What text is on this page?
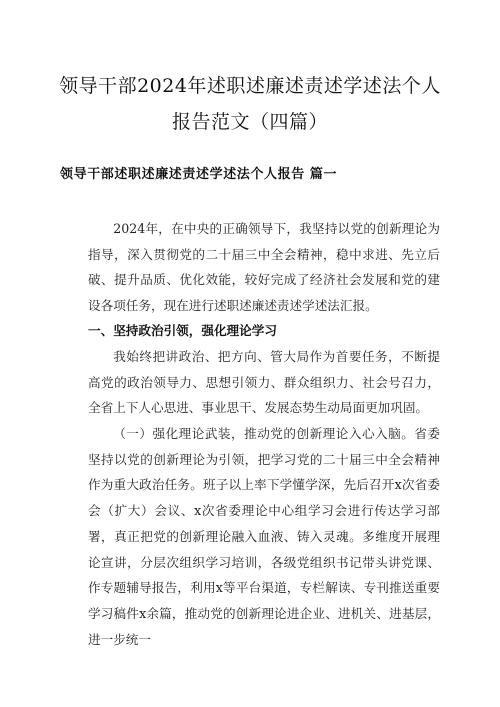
领导干部2024年述职述廉述责述学述法个人
报告范文（四篇）
领导干部述职述廉述责述学述法个人报告 篇一

2024年，在中央的正确领导下，我坚持以党的创新理论为指导，深入贯彻党的二十届三中全会精神，稳中求进、先立后破、提升品质、优化效能，较好完成了经济社会发展和党的建设各项任务，现在进行述职述廉述责述学述法汇报。

一、坚持政治引领，强化理论学习

我始终把讲政治、把方向、管大局作为首要任务，不断提高党的政治领导力、思想引领力、群众组织力、社会号召力，全省上下人心思进、事业思干、发展态势生动局面更加巩固。

（一）强化理论武装，推动党的创新理论入心入脑。省委坚持以党的创新理论为引领，把学习党的二十届三中全会精神作为重大政治任务。班子以上率下学懂学深，先后召开x次省委会（扩大）会议、x次省委理论中心组学习会进行传达学习部署，真正把党的创新理论融入血液、铸入灵魂。多维度开展理论宣讲，分层次组织学习培训，各级党组织书记带头讲党课、作专题辅导报告，利用x等平台渠道，专栏解读、专刊推送重要学习稿件x余篇，推动党的创新理论进企业、进机关、进基层，进一步统一
